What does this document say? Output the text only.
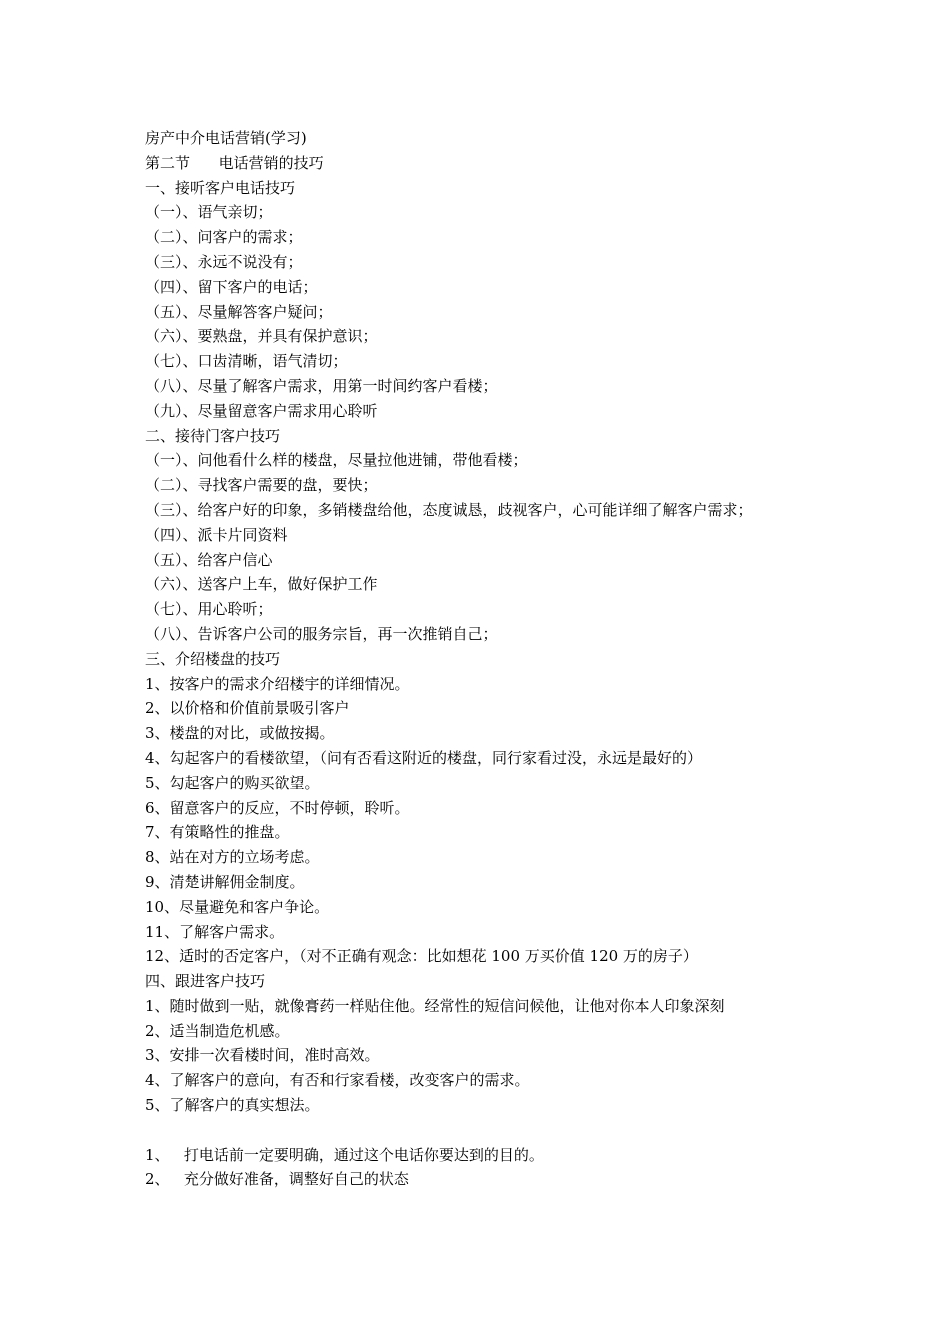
房产中介电话营销(学习)
第二节      电话营销的技巧
一、接听客户电话技巧
（一）、语气亲切；
（二）、问客户的需求；
（三）、永远不说没有；
（四）、留下客户的电话；
（五）、尽量解答客户疑问；
（六）、要熟盘，并具有保护意识；
（七）、口齿清晰，语气清切；
（八）、尽量了解客户需求，用第一时间约客户看楼；
（九）、尽量留意客户需求用心聆听
二、接待门客户技巧
（一）、问他看什么样的楼盘，尽量拉他进铺，带他看楼；
（二）、寻找客户需要的盘，要快；
（三）、给客户好的印象，多销楼盘给他，态度诚恳，歧视客户，心可能详细了解客户需求；
（四）、派卡片同资料
（五）、给客户信心
（六）、送客户上车，做好保护工作
（七）、用心聆听；
（八）、告诉客户公司的服务宗旨，再一次推销自己；
三、介绍楼盘的技巧
1、按客户的需求介绍楼宇的详细情况。
2、以价格和价值前景吸引客户
3、楼盘的对比，或做按揭。
4、勾起客户的看楼欲望，（问有否看这附近的楼盘，同行家看过没，永远是最好的）
5、勾起客户的购买欲望。
6、留意客户的反应，不时停顿，聆听。
7、有策略性的推盘。
8、站在对方的立场考虑。
9、清楚讲解佣金制度。
10、尽量避免和客户争论。
11、了解客户需求。
12、适时的否定客户，（对不正确有观念：比如想花 100 万买价值 120 万的房子）
四、跟进客户技巧
1、随时做到一贴，就像膏药一样贴住他。经常性的短信问候他，让他对你本人印象深刻
2、适当制造危机感。
3、安排一次看楼时间，准时高效。
4、了解客户的意向，有否和行家看楼，改变客户的需求。
5、了解客户的真实想法。
1、   打电话前一定要明确，通过这个电话你要达到的目的。
2、   充分做好准备，调整好自己的状态
